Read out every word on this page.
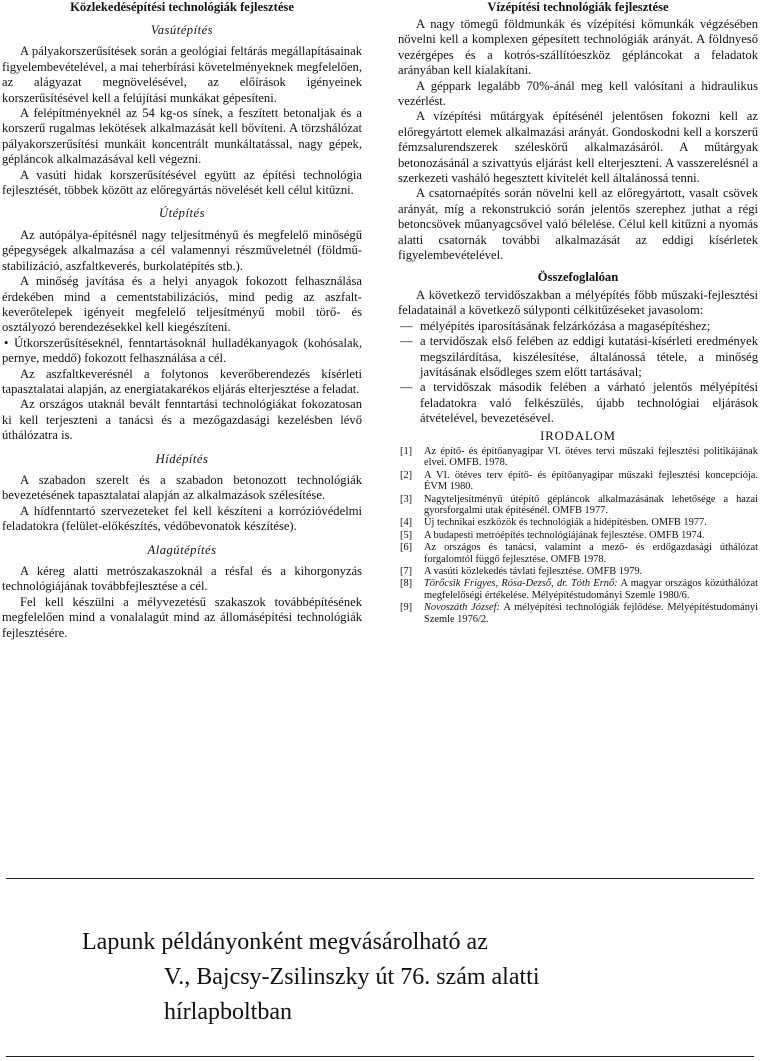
Közlekedésépítési technológiák fejlesztése
Vasútépítés

A pályakorszerűsítések során a geológiai feltárás megállapításainak figyelembevételével, a mai teherbírási követelményeknek megfelelően, az alágyazat megnövelésével, az előírások igényeinek korszerűsítésével kell a felújítási munkákat gépesíteni.

A felépítményeknél az 54 kg-os sínek, a feszített betonaljak és a korszerű rugalmas lekötések alkalmazását kell bővíteni. A törzshálózat pályakorszerűsítési munkáit koncentrált munkáltatással, nagy gépek, gépláncok alkalmazásával kell végezni.

A vasúti hidak korszerűsítésével együtt az építési technológia fejlesztését, többek között az előregyártás növelését kell célul kitűzni.

Útépítés

Az autópálya-építésnél nagy teljesítményű és megfelelő minőségű gépegységek alkalmazása a cél valamennyi részműveletnél (földműstabilizáció, aszfaltkeverés, burkolatépítés stb.).

A minőség javítása és a helyi anyagok fokozott felhasználása érdekében mind a cementstabilizációs, mind pedig az aszfalt-keverőtelepek igényeit megfelelő teljesítményű mobil törő- és osztályozó berendezésekkel kell kiegészíteni.

• Útkorszerűsítéseknél, fenntartásoknál hulladékanyagok (kohósalak, pernye, meddő) fokozott felhasználása a cél.

Az aszfaltkeverésnél a folytonos keverőberendezés kísérleti tapasztalatai alapján, az energiatakarékos eljárás elterjesztése a feladat.

Az országos utaknál bevált fenntartási technológiákat fokozatosan ki kell terjeszteni a tanácsi és a mezőgazdasági kezelésben lévő úthálózatra is.

Hídépítés

A szabadon szerelt és a szabadon betonozott technológiák bevezetésének tapasztalatai alapján az alkalmazások szélesítése.

A hídfenntartó szervezeteket fel kell készíteni a korrózióvédelmi feladatokra (felület-előkészítés, védőbevonatok készítése).

Alagútépítés

A kéreg alatti metrószakaszoknál a résfal és a kihorgonyzás technológiájának továbbfejlesztése a cél.

Fel kell készülni a mélyvezetésű szakaszok továbbépítésének megfelelően mind a vonalalagút mind az állomásépítési technológiák fejlesztésére.

Vízépítési technológiák fejlesztése

A nagy tömegű földmunkák és vízépítési kőmunkák végzésében növelni kell a komplexen gépesített technológiák arányát. A földnyeső vezérgépes és a kotrós-szállítóeszköz gépláncokat a feladatok arányában kell kialakítani.

A géppark legalább 70%-ánál meg kell valósítani a hidraulikus vezérlést.

A vízépítési műtárgyak építésénél jelentősen fokozni kell az előregyártott elemek alkalmazási arányát. Gondoskodni kell a korszerű fémzsalurendszerek széleskörű alkalmazásáról. A műtárgyak betonozásánál a szivattyús eljárást kell elterjeszteni. A vasszerelésnél a szerkezeti vasháló hegesztett kivitelét kell általánossá tenni.

A csatornaépítés során növelni kell az előregyártott, vasalt csövek arányát, míg a rekonstrukció során jelentős szerephez juthat a régi betoncsövek műanyagcsővel való bélelése. Célul kell kitűzni a nyomás alatti csatornák további alkalmazását az eddigi kísérletek figyelembevételével.

Összefoglalóan

A következő tervidőszakban a mélyépítés főbb műszaki-fejlesztési feladatainál a következő súlyponti célkitűzéseket javasolom:

— mélyépítés iparosításának felzárkózása a magasépítéshez;

— a tervidőszak első felében az eddigi kutatási-kísérleti eredmények megszilárdítása, kiszélesítése, általánossá tétele, a minőség javításának elsődleges szem előtt tartásával;

— a tervidőszak második felében a várható jelentős mélyépítési feladatokra való felkészülés, újabb technológiai eljárások átvételével, bevezetésével.

IRODALOM
[1] Az építő- és építőanyagipar VI. ötéves tervi műszaki fejlesztési politikájának elvei. OMFB. 1978.
[2] A VI. ötéves terv építő- és építőanyagipar műszaki fejlesztési koncepciója. ÉVM 1980.
[3] Nagyteljesítményű útépítő gépláncok alkalmazásának lehetősége a hazai gyorsforgalmi utak építésénél. OMFB 1977.
[4] Új technikai eszközök és technológiák a hídépítésben. OMFB 1977.
[5] A budapesti metróépítés technológiájának fejlesztése. OMFB 1974.
[6] Az országos és tanácsi, valamint a mező- és erdőgazdasági úthálózat forgalomtól függő fejlesztése. OMFB 1978.
[7] A vasúti közlekedés távlati fejlesztése. OMFB 1979.
[8] Törőcsik Frigyes, Rósa-Dezső, dr. Tóth Ernő: A magyar országos közúthálózat megfelelőségi értékelése. Mélyépítéstudományi Szemle 1980/6.
[9] Novoszáth József: A mélyépítési technológiák fejlődése. Mélyépítéstudományi Szemle 1976/2.
Lapunk példányonként megvásárolható az
V., Bajcsy-Zsilinszky út 76. szám alatti
hírlapboltban
